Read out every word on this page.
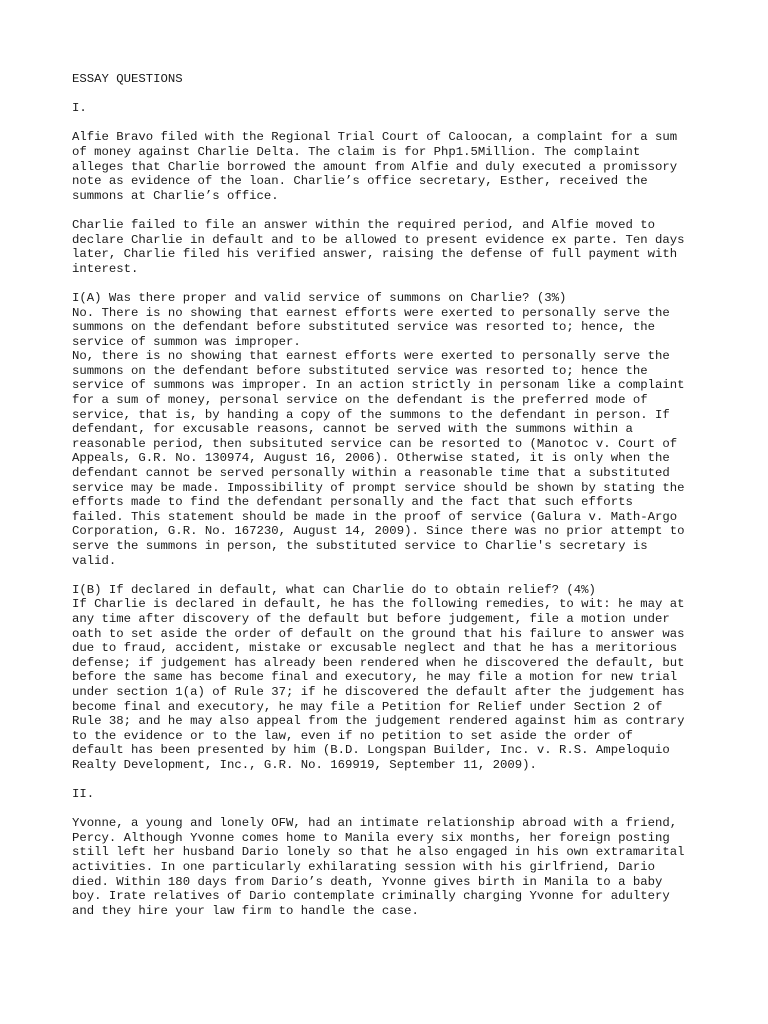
ESSAY QUESTIONS
I.
Alfie Bravo filed with the Regional Trial Court of Caloocan, a complaint for a sum
of money against Charlie Delta. The claim is for Php1.5Million. The complaint
alleges that Charlie borrowed the amount from Alfie and duly executed a promissory
note as evidence of the loan. Charlie’s office secretary, Esther, received the
summons at Charlie’s office.
Charlie failed to file an answer within the required period, and Alfie moved to
declare Charlie in default and to be allowed to present evidence ex parte. Ten days
later, Charlie filed his verified answer, raising the defense of full payment with
interest.
I(A) Was there proper and valid service of summons on Charlie? (3%)
No. There is no showing that earnest efforts were exerted to personally serve the
summons on the defendant before substituted service was resorted to; hence, the
service of summon was improper.
No, there is no showing that earnest efforts were exerted to personally serve the
summons on the defendant before substituted service was resorted to; hence the
service of summons was improper. In an action strictly in personam like a complaint
for a sum of money, personal service on the defendant is the preferred mode of
service, that is, by handing a copy of the summons to the defendant in person. If
defendant, for excusable reasons, cannot be served with the summons within a
reasonable period, then subsituted service can be resorted to (Manotoc v. Court of
Appeals, G.R. No. 130974, August 16, 2006). Otherwise stated, it is only when the
defendant cannot be served personally within a reasonable time that a substituted
service may be made. Impossibility of prompt service should be shown by stating the
efforts made to find the defendant personally and the fact that such efforts
failed. This statement should be made in the proof of service (Galura v. Math-Argo
Corporation, G.R. No. 167230, August 14, 2009). Since there was no prior attempt to
serve the summons in person, the substituted service to Charlie's secretary is
valid.
I(B) If declared in default, what can Charlie do to obtain relief? (4%)
If Charlie is declared in default, he has the following remedies, to wit: he may at
any time after discovery of the default but before judgement, file a motion under
oath to set aside the order of default on the ground that his failure to answer was
due to fraud, accident, mistake or excusable neglect and that he has a meritorious
defense; if judgement has already been rendered when he discovered the default, but
before the same has become final and executory, he may file a motion for new trial
under section 1(a) of Rule 37; if he discovered the default after the judgement has
become final and executory, he may file a Petition for Relief under Section 2 of
Rule 38; and he may also appeal from the judgement rendered against him as contrary
to the evidence or to the law, even if no petition to set aside the order of
default has been presented by him (B.D. Longspan Builder, Inc. v. R.S. Ampeloquio
Realty Development, Inc., G.R. No. 169919, September 11, 2009).
II.
Yvonne, a young and lonely OFW, had an intimate relationship abroad with a friend,
Percy. Although Yvonne comes home to Manila every six months, her foreign posting
still left her husband Dario lonely so that he also engaged in his own extramarital
activities. In one particularly exhilarating session with his girlfriend, Dario
died. Within 180 days from Dario’s death, Yvonne gives birth in Manila to a baby
boy. Irate relatives of Dario contemplate criminally charging Yvonne for adultery
and they hire your law firm to handle the case.
